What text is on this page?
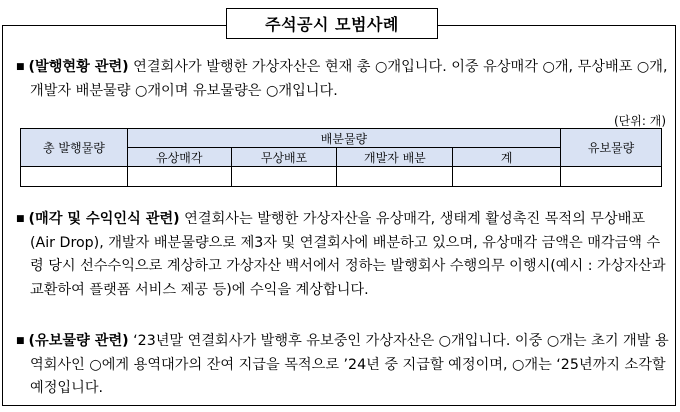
주석공시 모범사례

■ (발행현황 관련) 연결회사가 발행한 가상자산은 현재 총 ○개입니다. 이중 유상매각 ○개, 무상배포 ○개, 개발자 배분물량 ○개이며 유보물량은 ○개입니다.

(단위: 개)
총 발행물량	배분물량				유보물량
	유상매각	무상배포	개발자 배분	계	

■ (매각 및 수익인식 관련) 연결회사는 발행한 가상자산을 유상매각, 생태계 활성촉진 목적의 무상배포(Air Drop), 개발자 배분물량으로 제3자 및 연결회사에 배분하고 있으며, 유상매각 금액은 매각금액 수령 당시 선수수익으로 계상하고 가상자산 백서에서 정하는 발행회사 수행의무 이행시(예시 : 가상자산과 교환하여 플랫폼 서비스 제공 등)에 수익을 계상합니다.

■ (유보물량 관련) ‘23년말 연결회사가 발행후 유보중인 가상자산은 ○개입니다. 이중 ○개는 초기 개발 용역회사인 ○에게 용역대가의 잔여 지급을 목적으로 ’24년 중 지급할 예정이며, ○개는 ‘25년까지 소각할 예정입니다.
